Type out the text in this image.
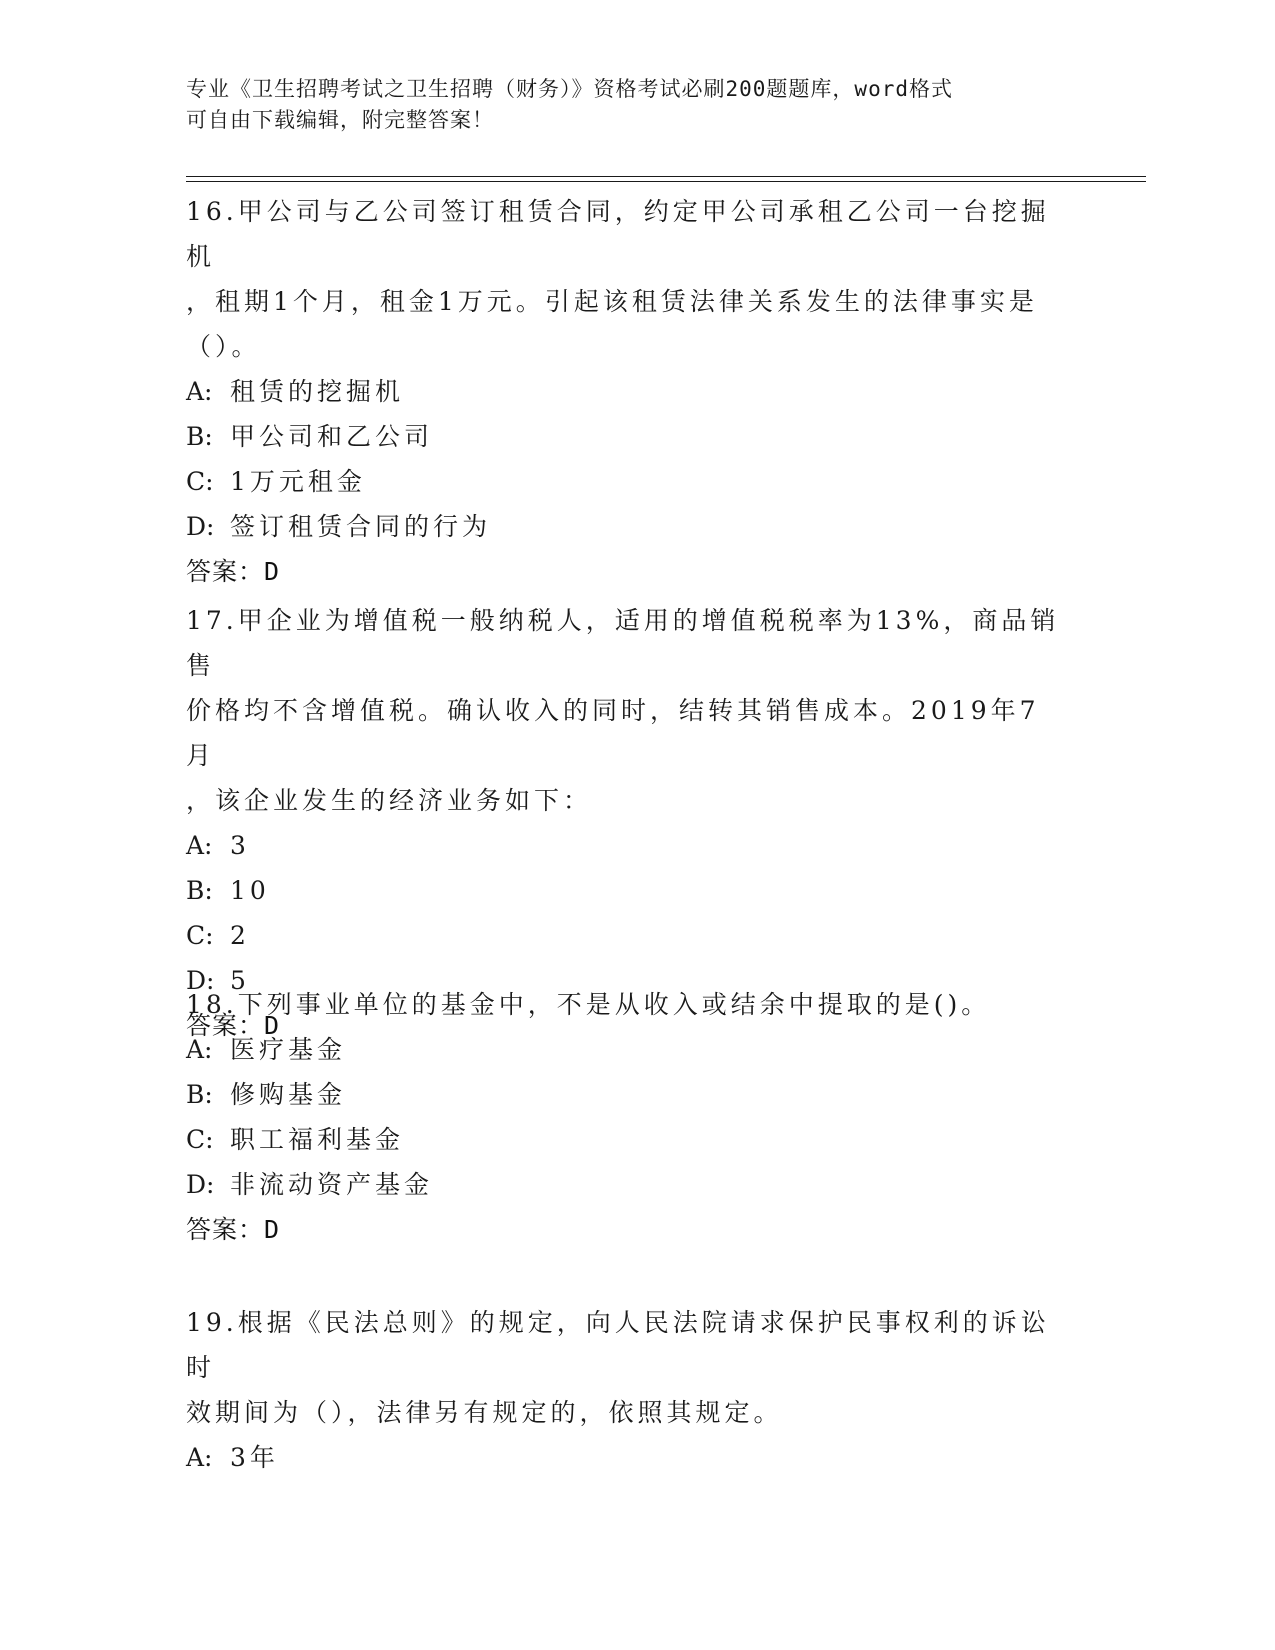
专业《卫生招聘考试之卫生招聘（财务）》资格考试必刷200题题库，word格式
可自由下载编辑，附完整答案！
16.甲公司与乙公司签订租赁合同，约定甲公司承租乙公司一台挖掘机
，租期1个月，租金1万元。引起该租赁法律关系发生的法律事实是
（）。
A: 租赁的挖掘机
B: 甲公司和乙公司
C: 1万元租金
D: 签订租赁合同的行为
答案：D
17.甲企业为增值税一般纳税人，适用的增值税税率为13%，商品销售
价格均不含增值税。确认收入的同时，结转其销售成本。2019年7月
，该企业发生的经济业务如下：
A: 3
B: 10
C: 2
D: 5
答案：D
18.下列事业单位的基金中，不是从收入或结余中提取的是()。
A: 医疗基金
B: 修购基金
C: 职工福利基金
D: 非流动资产基金
答案：D
19.根据《民法总则》的规定，向人民法院请求保护民事权利的诉讼时
效期间为（），法律另有规定的，依照其规定。
A: 3年
